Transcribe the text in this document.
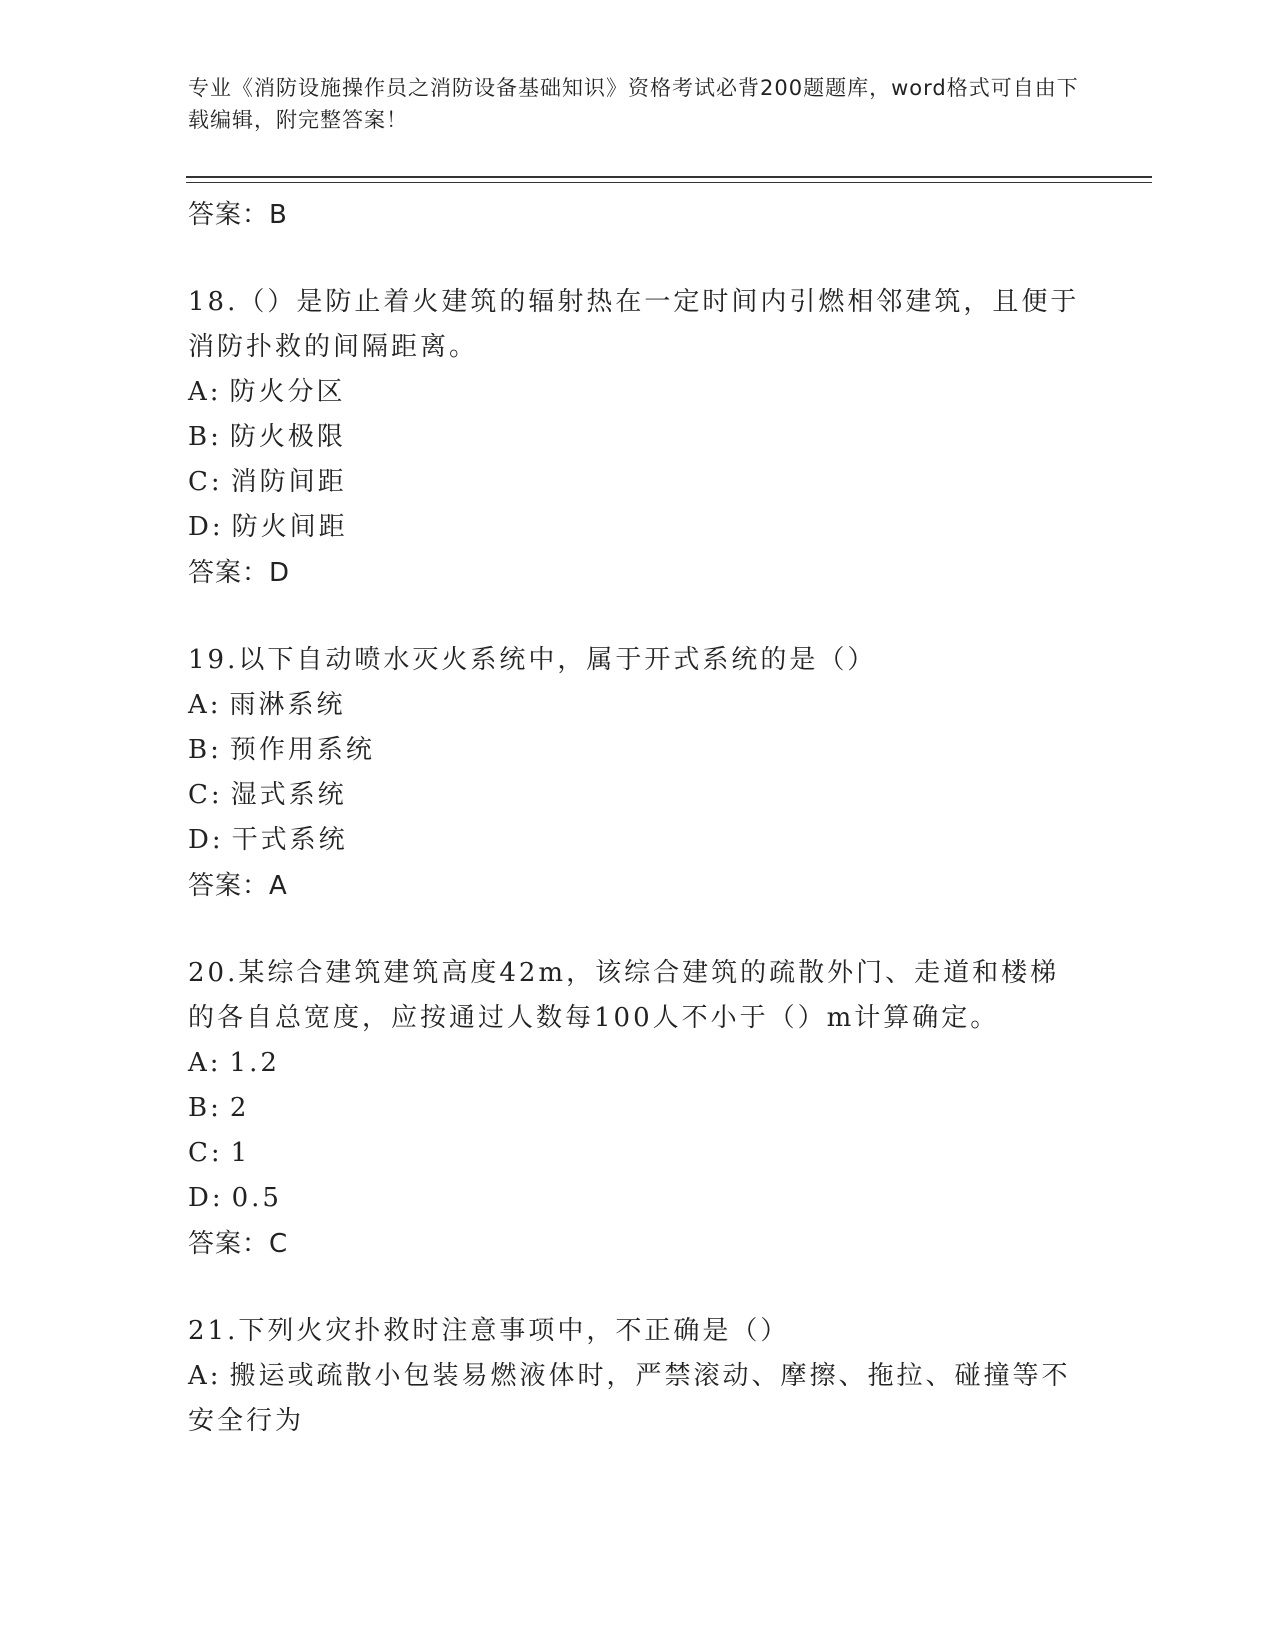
专业《消防设施操作员之消防设备基础知识》资格考试必背200题题库，word格式可自由下载编辑，附完整答案！

答案：B

18.（）是防止着火建筑的辐射热在一定时间内引燃相邻建筑，且便于消防扑救的间隔距离。

A: 防火分区

B: 防火极限

C: 消防间距

D: 防火间距

答案：D

19.以下自动喷水灭火系统中，属于开式系统的是（）

A: 雨淋系统

B: 预作用系统

C: 湿式系统

D: 干式系统

答案：A

20.某综合建筑建筑高度42m，该综合建筑的疏散外门、走道和楼梯的各自总宽度，应按通过人数每100人不小于（）m计算确定。

A: 1.2

B: 2

C: 1

D: 0.5

答案：C

21.下列火灾扑救时注意事项中，不正确是（）

A: 搬运或疏散小包装易燃液体时，严禁滚动、摩擦、拖拉、碰撞等不安全行为
